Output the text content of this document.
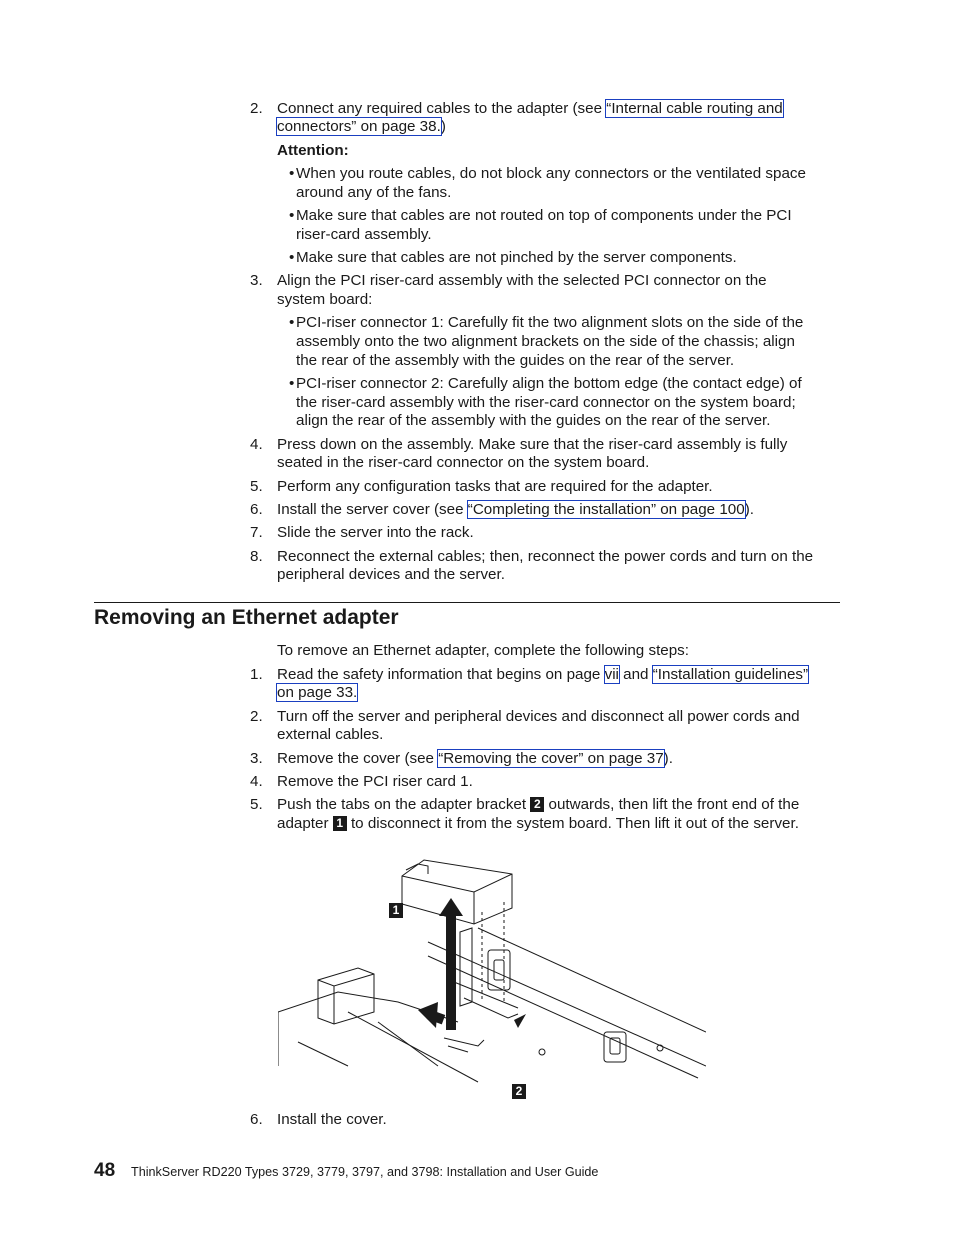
2. Connect any required cables to the adapter (see “Internal cable routing and
connectors” on page 38.)
Attention:
• When you route cables, do not block any connectors or the ventilated space
around any of the fans.
• Make sure that cables are not routed on top of components under the PCI
riser-card assembly.
• Make sure that cables are not pinched by the server components.
3. Align the PCI riser-card assembly with the selected PCI connector on the
system board:
• PCI-riser connector 1: Carefully fit the two alignment slots on the side of the
assembly onto the two alignment brackets on the side of the chassis; align
the rear of the assembly with the guides on the rear of the server.
• PCI-riser connector 2: Carefully align the bottom edge (the contact edge) of
the riser-card assembly with the riser-card connector on the system board;
align the rear of the assembly with the guides on the rear of the server.
4. Press down on the assembly. Make sure that the riser-card assembly is fully
seated in the riser-card connector on the system board.
5. Perform any configuration tasks that are required for the adapter.
6. Install the server cover (see “Completing the installation” on page 100).
7. Slide the server into the rack.
8. Reconnect the external cables; then, reconnect the power cords and turn on the
peripheral devices and the server.
Removing an Ethernet adapter
To remove an Ethernet adapter, complete the following steps:
1. Read the safety information that begins on page vii and “Installation guidelines”
on page 33.
2. Turn off the server and peripheral devices and disconnect all power cords and
external cables.
3. Remove the cover (see “Removing the cover” on page 37).
4. Remove the PCI riser card 1.
5. Push the tabs on the adapter bracket 2 outwards, then lift the front end of the
adapter 1 to disconnect it from the system board. Then lift it out of the server.
1
2
6. Install the cover.
48 ThinkServer RD220 Types 3729, 3779, 3797, and 3798: Installation and User Guide
